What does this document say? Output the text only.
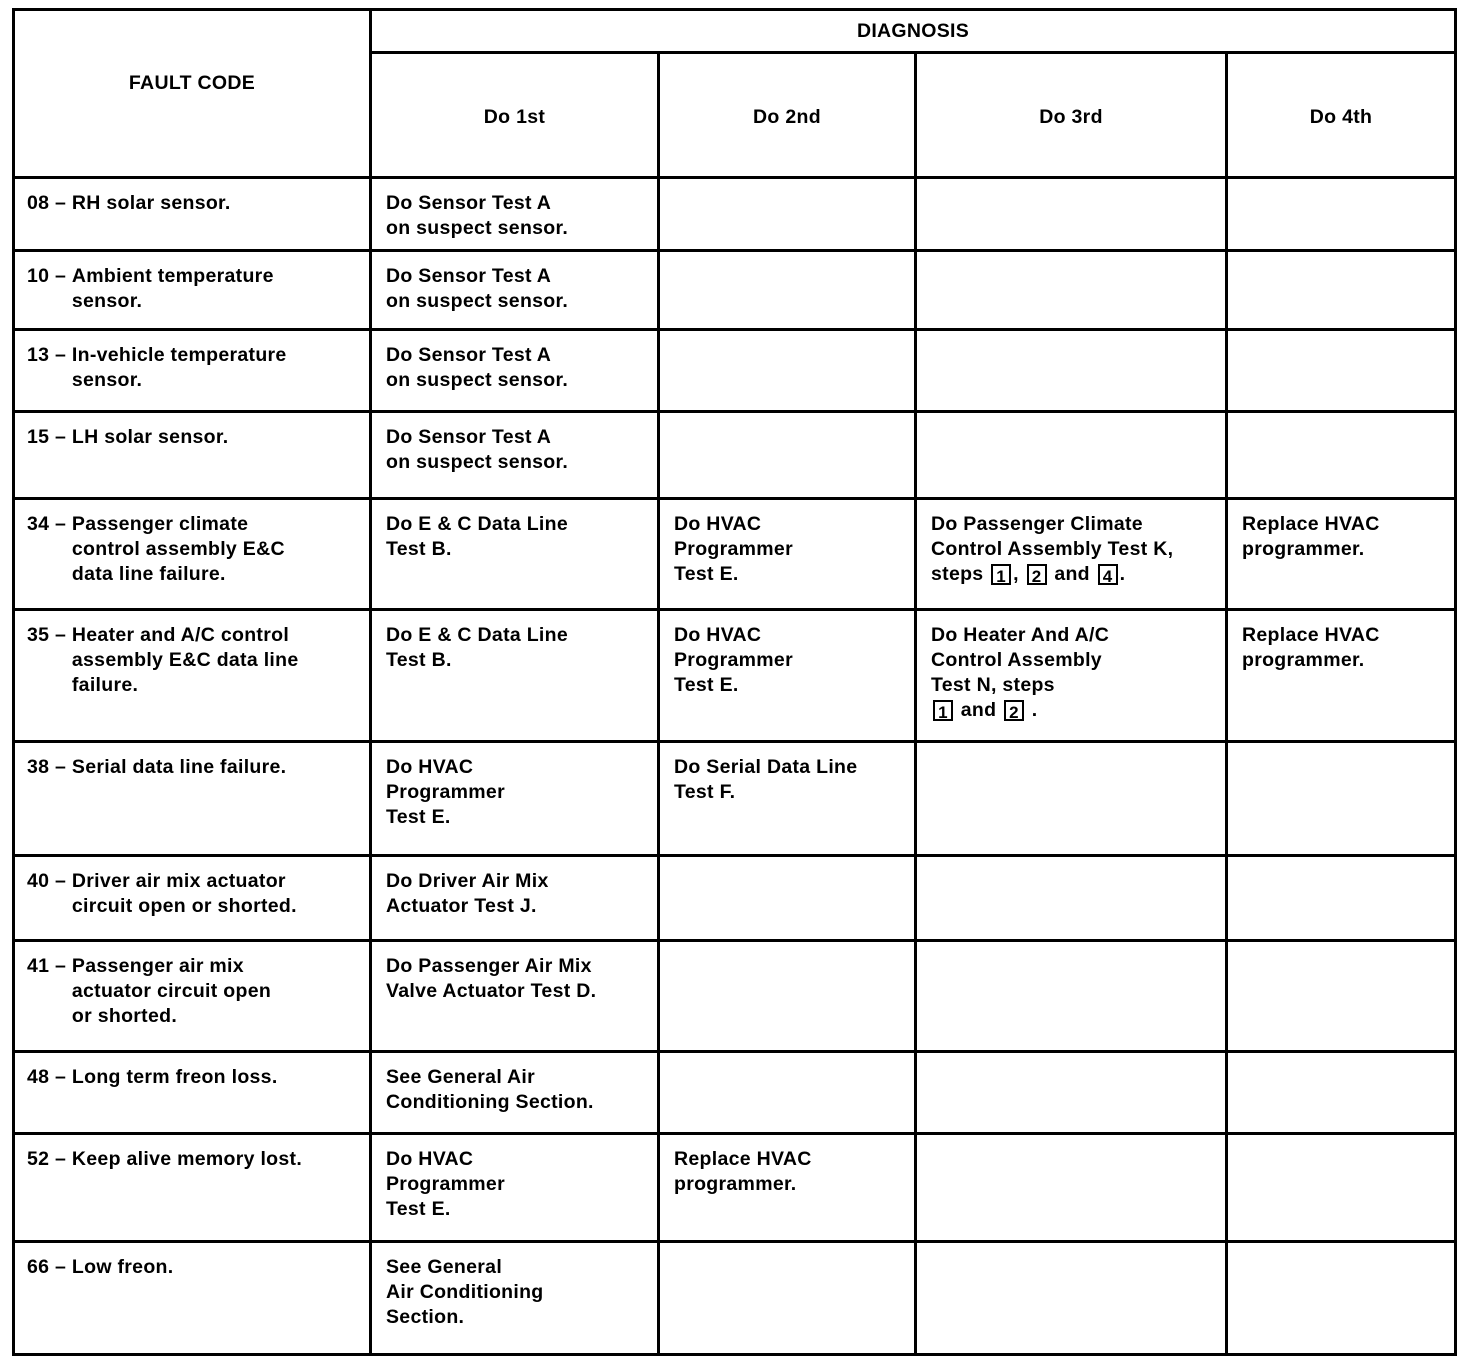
FAULT CODE	DIAGNOSIS			
	Do 1st	Do 2nd	Do 3rd	Do 4th

08 – RH solar sensor.	Do Sensor Test A
on suspect sensor.			

10 – Ambient temperature
sensor.	Do Sensor Test A
on suspect sensor.			

13 – In-vehicle temperature
sensor.	Do Sensor Test A
on suspect sensor.			

15 – LH solar sensor.	Do Sensor Test A
on suspect sensor.			

34 – Passenger climate
control assembly E&C
data line failure.	Do E & C Data Line
Test B.	Do HVAC
Programmer
Test E.	Do Passenger Climate
Control Assembly Test K,
steps 1 , 2 and 4 .	Replace HVAC
programmer.

35 – Heater and A/C control
assembly E&C data line
failure.	Do E & C Data Line
Test B.	Do HVAC
Programmer
Test E.	Do Heater And A/C
Control Assembly
Test N, steps
1 and 2 .	Replace HVAC
programmer.

38 – Serial data line failure.	Do HVAC
Programmer
Test E.	Do Serial Data Line
Test F.		

40 – Driver air mix actuator
circuit open or shorted.	Do Driver Air Mix
Actuator Test J.			

41 – Passenger air mix
actuator circuit open
or shorted.	Do Passenger Air Mix
Valve Actuator Test D.			

48 – Long term freon loss.	See General Air
Conditioning Section.			

52 – Keep alive memory lost.	Do HVAC
Programmer
Test E.	Replace HVAC
programmer.		

66 – Low freon.	See General
Air Conditioning
Section.			
